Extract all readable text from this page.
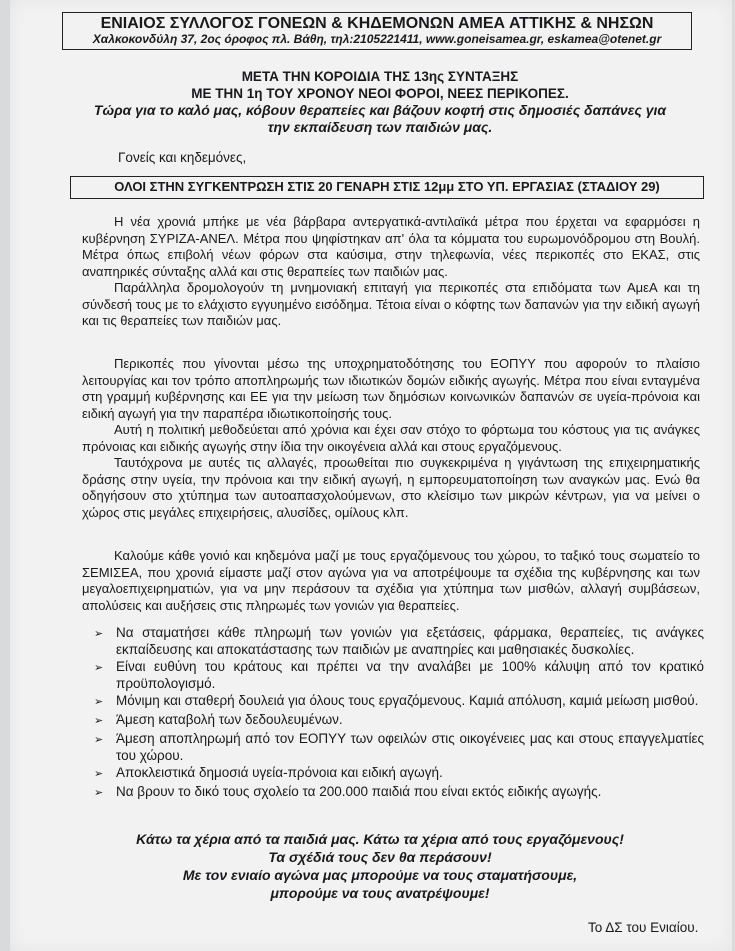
ΕΝΙΑΙΟΣ ΣΥΛΛΟΓΟΣ ΓΟΝΕΩΝ & ΚΗΔΕΜΟΝΩΝ ΑΜΕΑ ΑΤΤΙΚΗΣ & ΝΗΣΩΝ
Χαλκοκονδύλη 37, 2ος όροφος πλ. Βάθη, τηλ:2105221411, www.goneisamea.gr, eskamea@otenet.gr
ΜΕΤΑ ΤΗΝ ΚΟΡΟΙΔΙΑ ΤΗΣ 13ης ΣΥΝΤΑΞΗΣ
ΜΕ ΤΗΝ 1η ΤΟΥ ΧΡΟΝΟΥ ΝΕΟΙ ΦΟΡΟΙ, ΝΕΕΣ ΠΕΡΙΚΟΠΕΣ.
Τώρα για το καλό μας, κόβουν θεραπείες και βάζουν κοφτή στις δημοσιές δαπάνες για
την εκπαίδευση των παιδιών μας.
Γονείς και κηδεμόνες,
ΟΛΟΙ ΣΤΗΝ ΣΥΓΚΕΝΤΡΩΣΗ ΣΤΙΣ 20 ΓΕΝΑΡΗ ΣΤΙΣ 12μμ ΣΤΟ ΥΠ. ΕΡΓΑΣΙΑΣ (ΣΤΑΔΙΟΥ 29)

Η νέα χρονιά μπήκε με νέα βάρβαρα αντεργατικά-αντιλαϊκά μέτρα που έρχεται να εφαρμόσει η κυβέρνηση ΣΥΡΙΖΑ-ΑΝΕΛ. Μέτρα που ψηφίστηκαν απ' όλα τα κόμματα του ευρωμονόδρομου στη Βουλή. Μέτρα όπως επιβολή νέων φόρων στα καύσιμα, στην τηλεφωνία, νέες περικοπές στο ΕΚΑΣ, στις αναπηρικές σύνταξης αλλά και στις θεραπείες των παιδιών μας.

Παράλληλα δρομολογούν τη μνημονιακή επιταγή για περικοπές στα επιδόματα των ΑμεΑ και τη σύνδεσή τους με το ελάχιστο εγγυημένο εισόδημα. Τέτοια είναι ο κόφτης των δαπανών για την ειδική αγωγή και τις θεραπείες των παιδιών μας.

Περικοπές που γίνονται μέσω της υποχρηματοδότησης του ΕΟΠΥΥ που αφορούν το πλαίσιο λειτουργίας και τον τρόπο αποπληρωμής των ιδιωτικών δομών ειδικής αγωγής. Μέτρα που είναι ενταγμένα στη γραμμή κυβέρνησης και ΕΕ για την μείωση των δημόσιων κοινωνικών δαπανών σε υγεία-πρόνοια και ειδική αγωγή για την παραπέρα ιδιωτικοποίησής τους.

Αυτή η πολιτική μεθοδεύεται από χρόνια και έχει σαν στόχο το φόρτωμα του κόστους για τις ανάγκες πρόνοιας και ειδικής αγωγής στην ίδια την οικογένεια αλλά και στους εργαζόμενους.

Ταυτόχρονα με αυτές τις αλλαγές, προωθείται πιο συγκεκριμένα η γιγάντωση της επιχειρηματικής δράσης στην υγεία, την πρόνοια και την ειδική αγωγή, η εμπορευματοποίηση των αναγκών μας. Ενώ θα οδηγήσουν στο χτύπημα των αυτοαπασχολούμενων, στο κλείσιμο των μικρών κέντρων, για να μείνει ο χώρος στις μεγάλες επιχειρήσεις, αλυσίδες, ομίλους κλπ.

Καλούμε κάθε γονιό και κηδεμόνα μαζί με τους εργαζόμενους του χώρου, το ταξικό τους σωματείο το ΣΕΜΙΣΕΑ, που χρονιά είμαστε μαζί στον αγώνα για να αποτρέψουμε τα σχέδια της κυβέρνησης και των μεγαλοεπιχειρηματιών, για να μην περάσουν τα σχέδια για χτύπημα των μισθών, αλλαγή συμβάσεων, απολύσεις και αυξήσεις στις πληρωμές των γονιών για θεραπείες.

➢ Να σταματήσει κάθε πληρωμή των γονιών για εξετάσεις, φάρμακα, θεραπείες, τις ανάγκες εκπαίδευσης και αποκατάστασης των παιδιών με αναπηρίες και μαθησιακές δυσκολίες.
➢ Είναι ευθύνη του κράτους και πρέπει να την αναλάβει με 100% κάλυψη από τον κρατικό προϋπολογισμό.
➢ Μόνιμη και σταθερή δουλειά για όλους τους εργαζόμενους. Καμιά απόλυση, καμιά μείωση μισθού.
➢ Άμεση καταβολή των δεδουλευμένων.
➢ Άμεση αποπληρωμή από τον ΕΟΠΥΥ των οφειλών στις οικογένειες μας και στους επαγγελματίες του χώρου.
➢ Αποκλειστικά δημοσιά υγεία-πρόνοια και ειδική αγωγή.
➢ Να βρουν το δικό τους σχολείο τα 200.000 παιδιά που είναι εκτός ειδικής αγωγής.
Κάτω τα χέρια από τα παιδιά μας. Κάτω τα χέρια από τους εργαζόμενους!
Τα σχέδιά τους δεν θα περάσουν!
Με τον ενιαίο αγώνα μας μπορούμε να τους σταματήσουμε,
μπορούμε να τους ανατρέψουμε!
Το ΔΣ του Ενιαίου.
